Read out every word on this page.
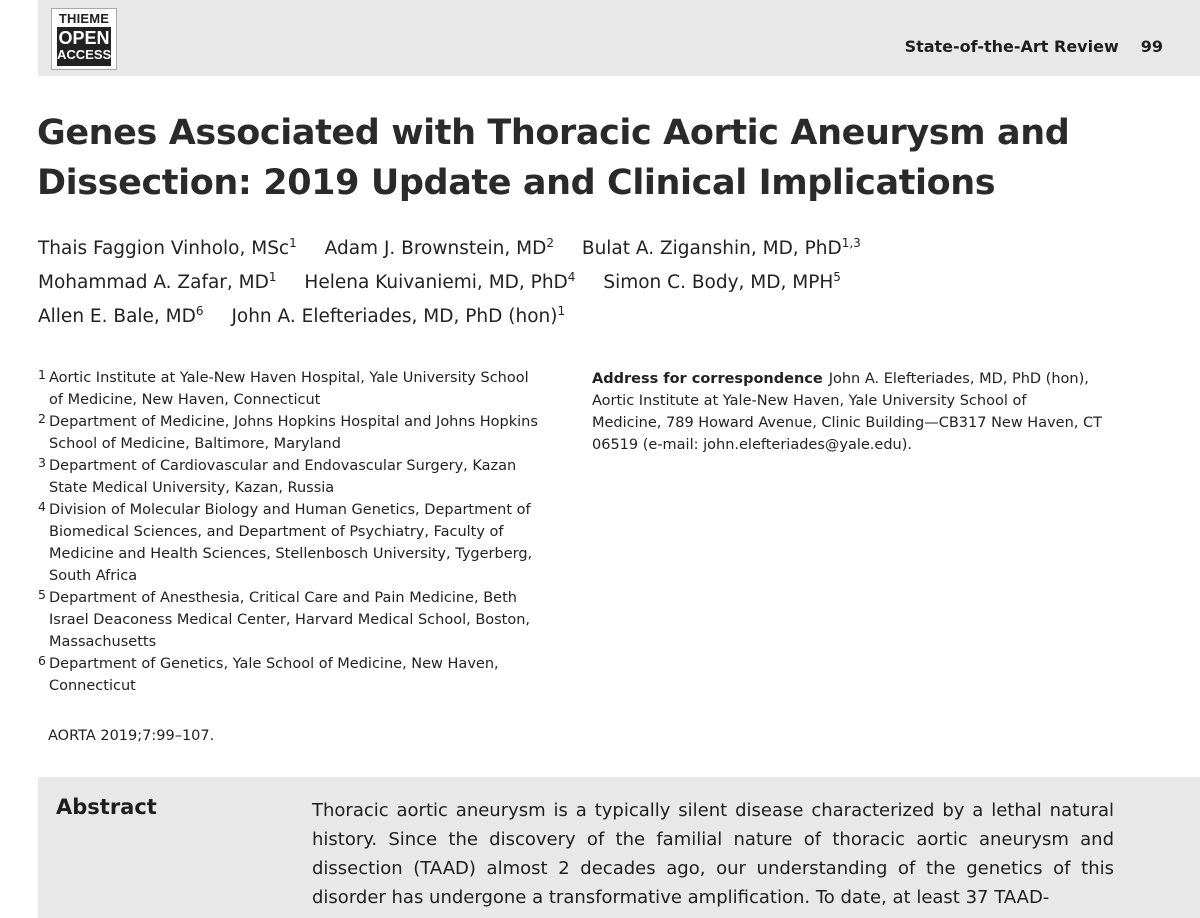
THIEME
OPEN
ACCESS	State-of-the-Art Review 99
Genes Associated with Thoracic Aortic Aneurysm and Dissection: 2019 Update and Clinical Implications
Thais Faggion Vinholo, MSc$^1$ Adam J. Brownstein, $MD^2$ Bulat A. Ziganshin, MD, PhD$^{1,3}$
Mohammad A. Zafar, $MD^1$ Helena Kuivaniemi, MD, PhD$^4$ Simon C. Body, MD, MPH$^5$
Allen E. Bale, $MD^6$ John A. Elefteriades, MD, PhD (hon)$^1$
1 Aortic Institute at Yale-New Haven Hospital, Yale University School
of Medicine, New Haven, Connecticut
2 Department of Medicine, Johns Hopkins Hospital and Johns Hopkins
School of Medicine, Baltimore, Maryland
3 Department of Cardiovascular and Endovascular Surgery, Kazan
State Medical University, Kazan, Russia
4 Division of Molecular Biology and Human Genetics, Department of
Biomedical Sciences, and Department of Psychiatry, Faculty of
Medicine and Health Sciences, Stellenbosch University, Tygerberg,
South Africa
5 Department of Anesthesia, Critical Care and Pain Medicine, Beth
Israel Deaconess Medical Center, Harvard Medical School, Boston,
Massachusetts
6 Department of Genetics, Yale School of Medicine, New Haven,
Connecticut
AORTA 2019;7:99–107.
Address for correspondence John A. Elefteriades, MD, PhD (hon),
Aortic Institute at Yale-New Haven, Yale University School of
Medicine, 789 Howard Avenue, Clinic Building—CB317 New Haven, CT
06519 (e-mail: john.elefteriades@yale.edu).
Abstract	Thoracic aortic aneurysm is a typically silent disease characterized by a lethal natural history. Since the discovery of the familial nature of thoracic aortic aneurysm and dissection (TAAD) almost 2 decades ago, our understanding of the genetics of this disorder has undergone a transformative amplification. To date, at least 37 TAAD-
